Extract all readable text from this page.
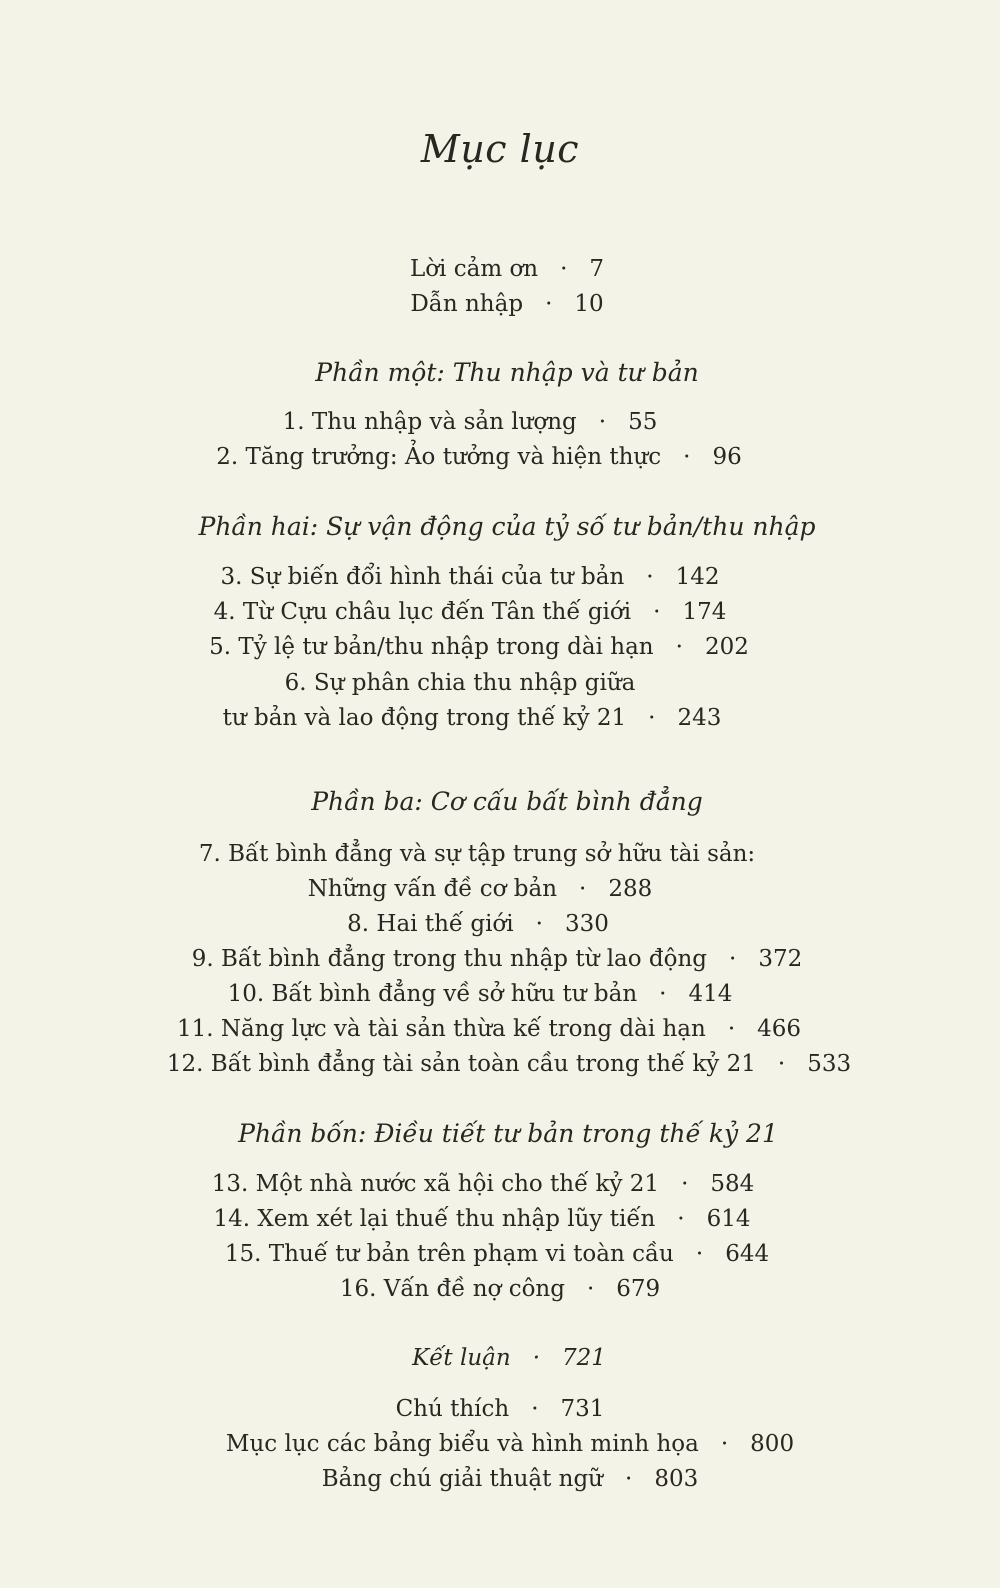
Mục lục
Lời cảm ơn · 7
Dẫn nhập · 10
Phần một: Thu nhập và tư bản
1. Thu nhập và sản lượng · 55
2. Tăng trưởng: Ảo tưởng và hiện thực · 96
Phần hai: Sự vận động của tỷ số tư bản/thu nhập
3. Sự biến đổi hình thái của tư bản · 142
4. Từ Cựu châu lục đến Tân thế giới · 174
5. Tỷ lệ tư bản/thu nhập trong dài hạn · 202
6. Sự phân chia thu nhập giữa
tư bản và lao động trong thế kỷ 21 · 243
Phần ba: Cơ cấu bất bình đẳng
7. Bất bình đẳng và sự tập trung sở hữu tài sản:
Những vấn đề cơ bản · 288
8. Hai thế giới · 330
9. Bất bình đẳng trong thu nhập từ lao động · 372
10. Bất bình đẳng về sở hữu tư bản · 414
11. Năng lực và tài sản thừa kế trong dài hạn · 466
12. Bất bình đẳng tài sản toàn cầu trong thế kỷ 21 · 533
Phần bốn: Điều tiết tư bản trong thế kỷ 21
13. Một nhà nước xã hội cho thế kỷ 21 · 584
14. Xem xét lại thuế thu nhập lũy tiến · 614
15. Thuế tư bản trên phạm vi toàn cầu · 644
16. Vấn đề nợ công · 679
Kết luận · 721
Chú thích · 731
Mục lục các bảng biểu và hình minh họa · 800
Bảng chú giải thuật ngữ · 803
